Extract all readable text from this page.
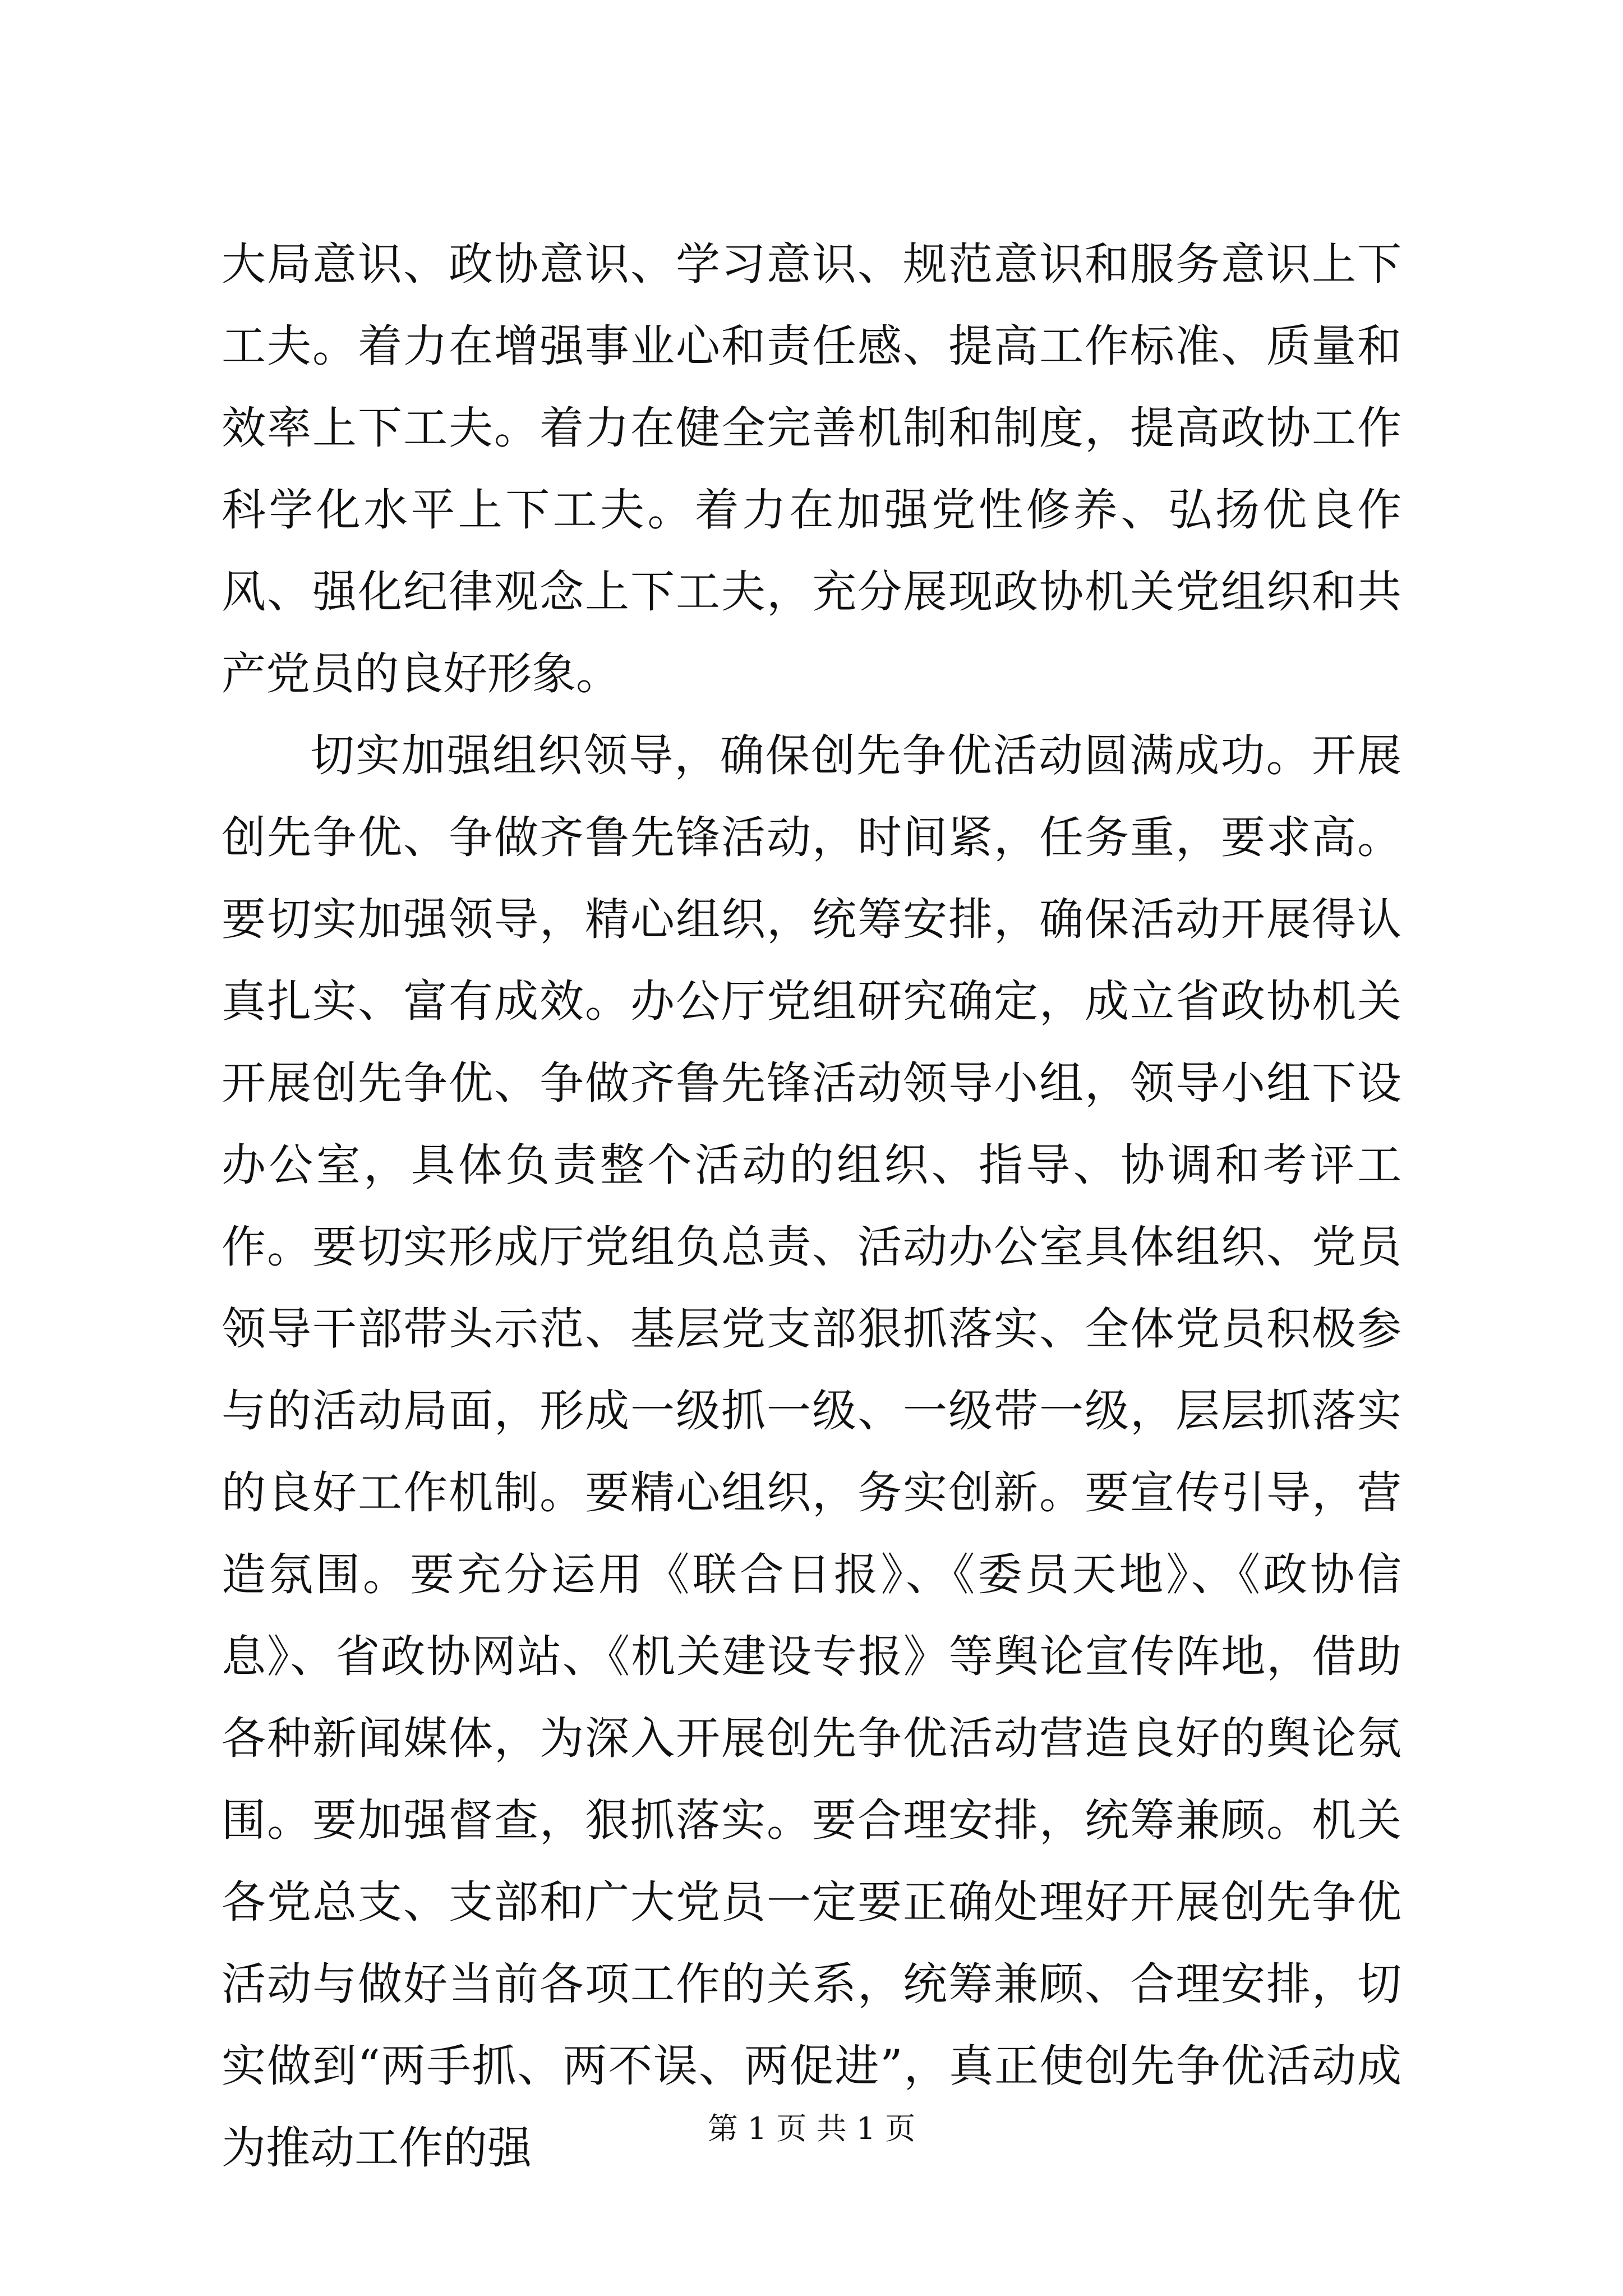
大局意识、政协意识、学习意识、规范意识和服务意识上下工夫。着力在增强事业心和责任感、提高工作标准、质量和效率上下工夫。着力在健全完善机制和制度，提高政协工作科学化水平上下工夫。着力在加强党性修养、弘扬优良作风、强化纪律观念上下工夫，充分展现政协机关党组织和共产党员的良好形象。

切实加强组织领导，确保创先争优活动圆满成功。开展创先争优、争做齐鲁先锋活动，时间紧，任务重，要求高。要切实加强领导，精心组织，统筹安排，确保活动开展得认真扎实、富有成效。办公厅党组研究确定，成立省政协机关开展创先争优、争做齐鲁先锋活动领导小组，领导小组下设办公室，具体负责整个活动的组织、指导、协调和考评工作。要切实形成厅党组负总责、活动办公室具体组织、党员领导干部带头示范、基层党支部狠抓落实、全体党员积极参与的活动局面，形成一级抓一级、一级带一级，层层抓落实的良好工作机制。要精心组织，务实创新。要宣传引导，营造氛围。要充分运用《联合日报》、《委员天地》、《政协信息》、省政协网站、《机关建设专报》等舆论宣传阵地，借助各种新闻媒体，为深入开展创先争优活动营造良好的舆论氛围。要加强督查，狠抓落实。要合理安排，统筹兼顾。机关各党总支、支部和广大党员一定要正确处理好开展创先争优活动与做好当前各项工作的关系，统筹兼顾、合理安排，切实做到“两手抓、两不误、两促进”，真正使创先争优活动成为推动工作的强	第 1 页 共 1 页
